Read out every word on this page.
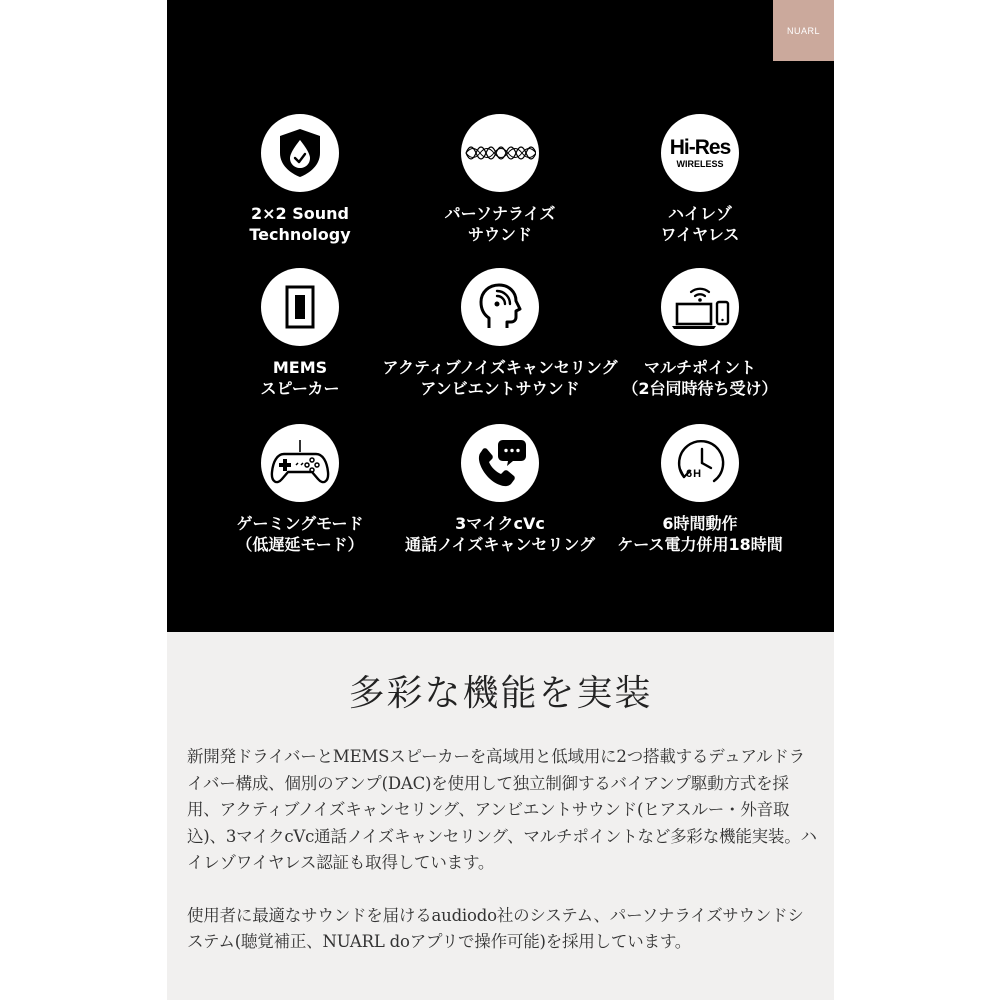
NUARL
2×2 Sound
Technology
パーソナライズ
サウンド
Hi-Res
WIRELESS
ハイレゾ
ワイヤレス
MEMS
スピーカー
アクティブノイズキャンセリング
アンビエントサウンド
マルチポイント
（2台同時待ち受け）
ゲーミングモード
（低遅延モード）
3マイクcVc
通話ノイズキャンセリング
6H
6時間動作
ケース電力併用18時間
多彩な機能を実装

新開発ドライバーとMEMSスピーカーを高域用と低域用に2つ搭載するデュアルドライバー構成、個別のアンプ(DAC)を使用して独立制御するバイアンプ駆動方式を採用、アクティブノイズキャンセリング、アンビエントサウンド(ヒアスルー・外音取込)、3マイクcVc通話ノイズキャンセリング、マルチポイントなど多彩な機能実装。ハイレゾワイヤレス認証も取得しています。

使用者に最適なサウンドを届けるaudiodo社のシステム、パーソナライズサウンドシステム(聴覚補正、NUARL doアプリで操作可能)を採用しています。
